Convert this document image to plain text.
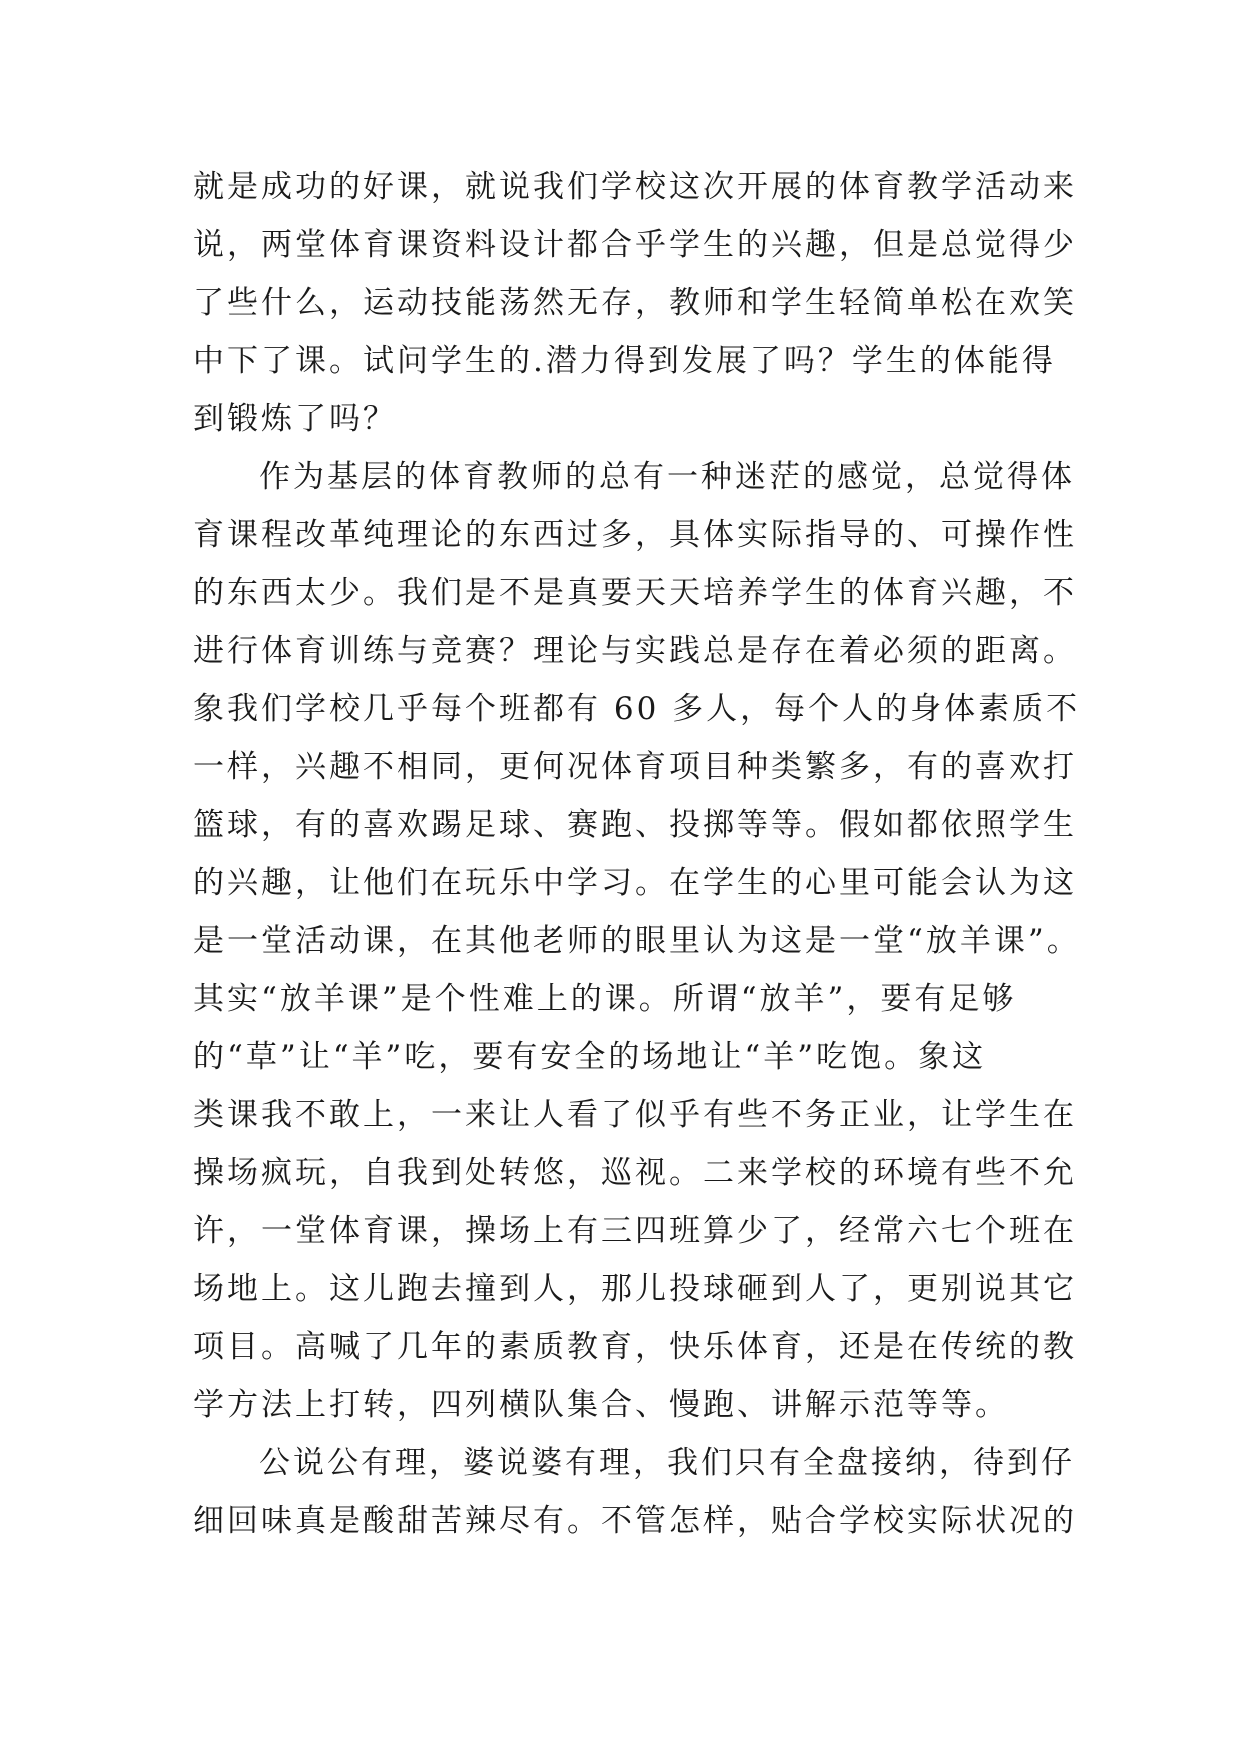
就是成功的好课，就说我们学校这次开展的体育教学活动来
说，两堂体育课资料设计都合乎学生的兴趣，但是总觉得少
了些什么，运动技能荡然无存，教师和学生轻简单松在欢笑
中下了课。试问学生的.潜力得到发展了吗？学生的体能得
到锻炼了吗？
作为基层的体育教师的总有一种迷茫的感觉，总觉得体
育课程改革纯理论的东西过多，具体实际指导的、可操作性
的东西太少。我们是不是真要天天培养学生的体育兴趣，不
进行体育训练与竞赛？理论与实践总是存在着必须的距离。
象我们学校几乎每个班都有 60 多人，每个人的身体素质不
一样，兴趣不相同，更何况体育项目种类繁多，有的喜欢打
篮球，有的喜欢踢足球、赛跑、投掷等等。假如都依照学生
的兴趣，让他们在玩乐中学习。在学生的心里可能会认为这
是一堂活动课，在其他老师的眼里认为这是一堂“放羊课”。
其实“放羊课”是个性难上的课。所谓“放羊”，要有足够
的“草”让“羊”吃，要有安全的场地让“羊”吃饱。象这
类课我不敢上，一来让人看了似乎有些不务正业，让学生在
操场疯玩，自我到处转悠，巡视。二来学校的环境有些不允
许，一堂体育课，操场上有三四班算少了，经常六七个班在
场地上。这儿跑去撞到人，那儿投球砸到人了，更别说其它
项目。高喊了几年的素质教育，快乐体育，还是在传统的教
学方法上打转，四列横队集合、慢跑、讲解示范等等。
公说公有理，婆说婆有理，我们只有全盘接纳，待到仔
细回味真是酸甜苦辣尽有。不管怎样，贴合学校实际状况的
